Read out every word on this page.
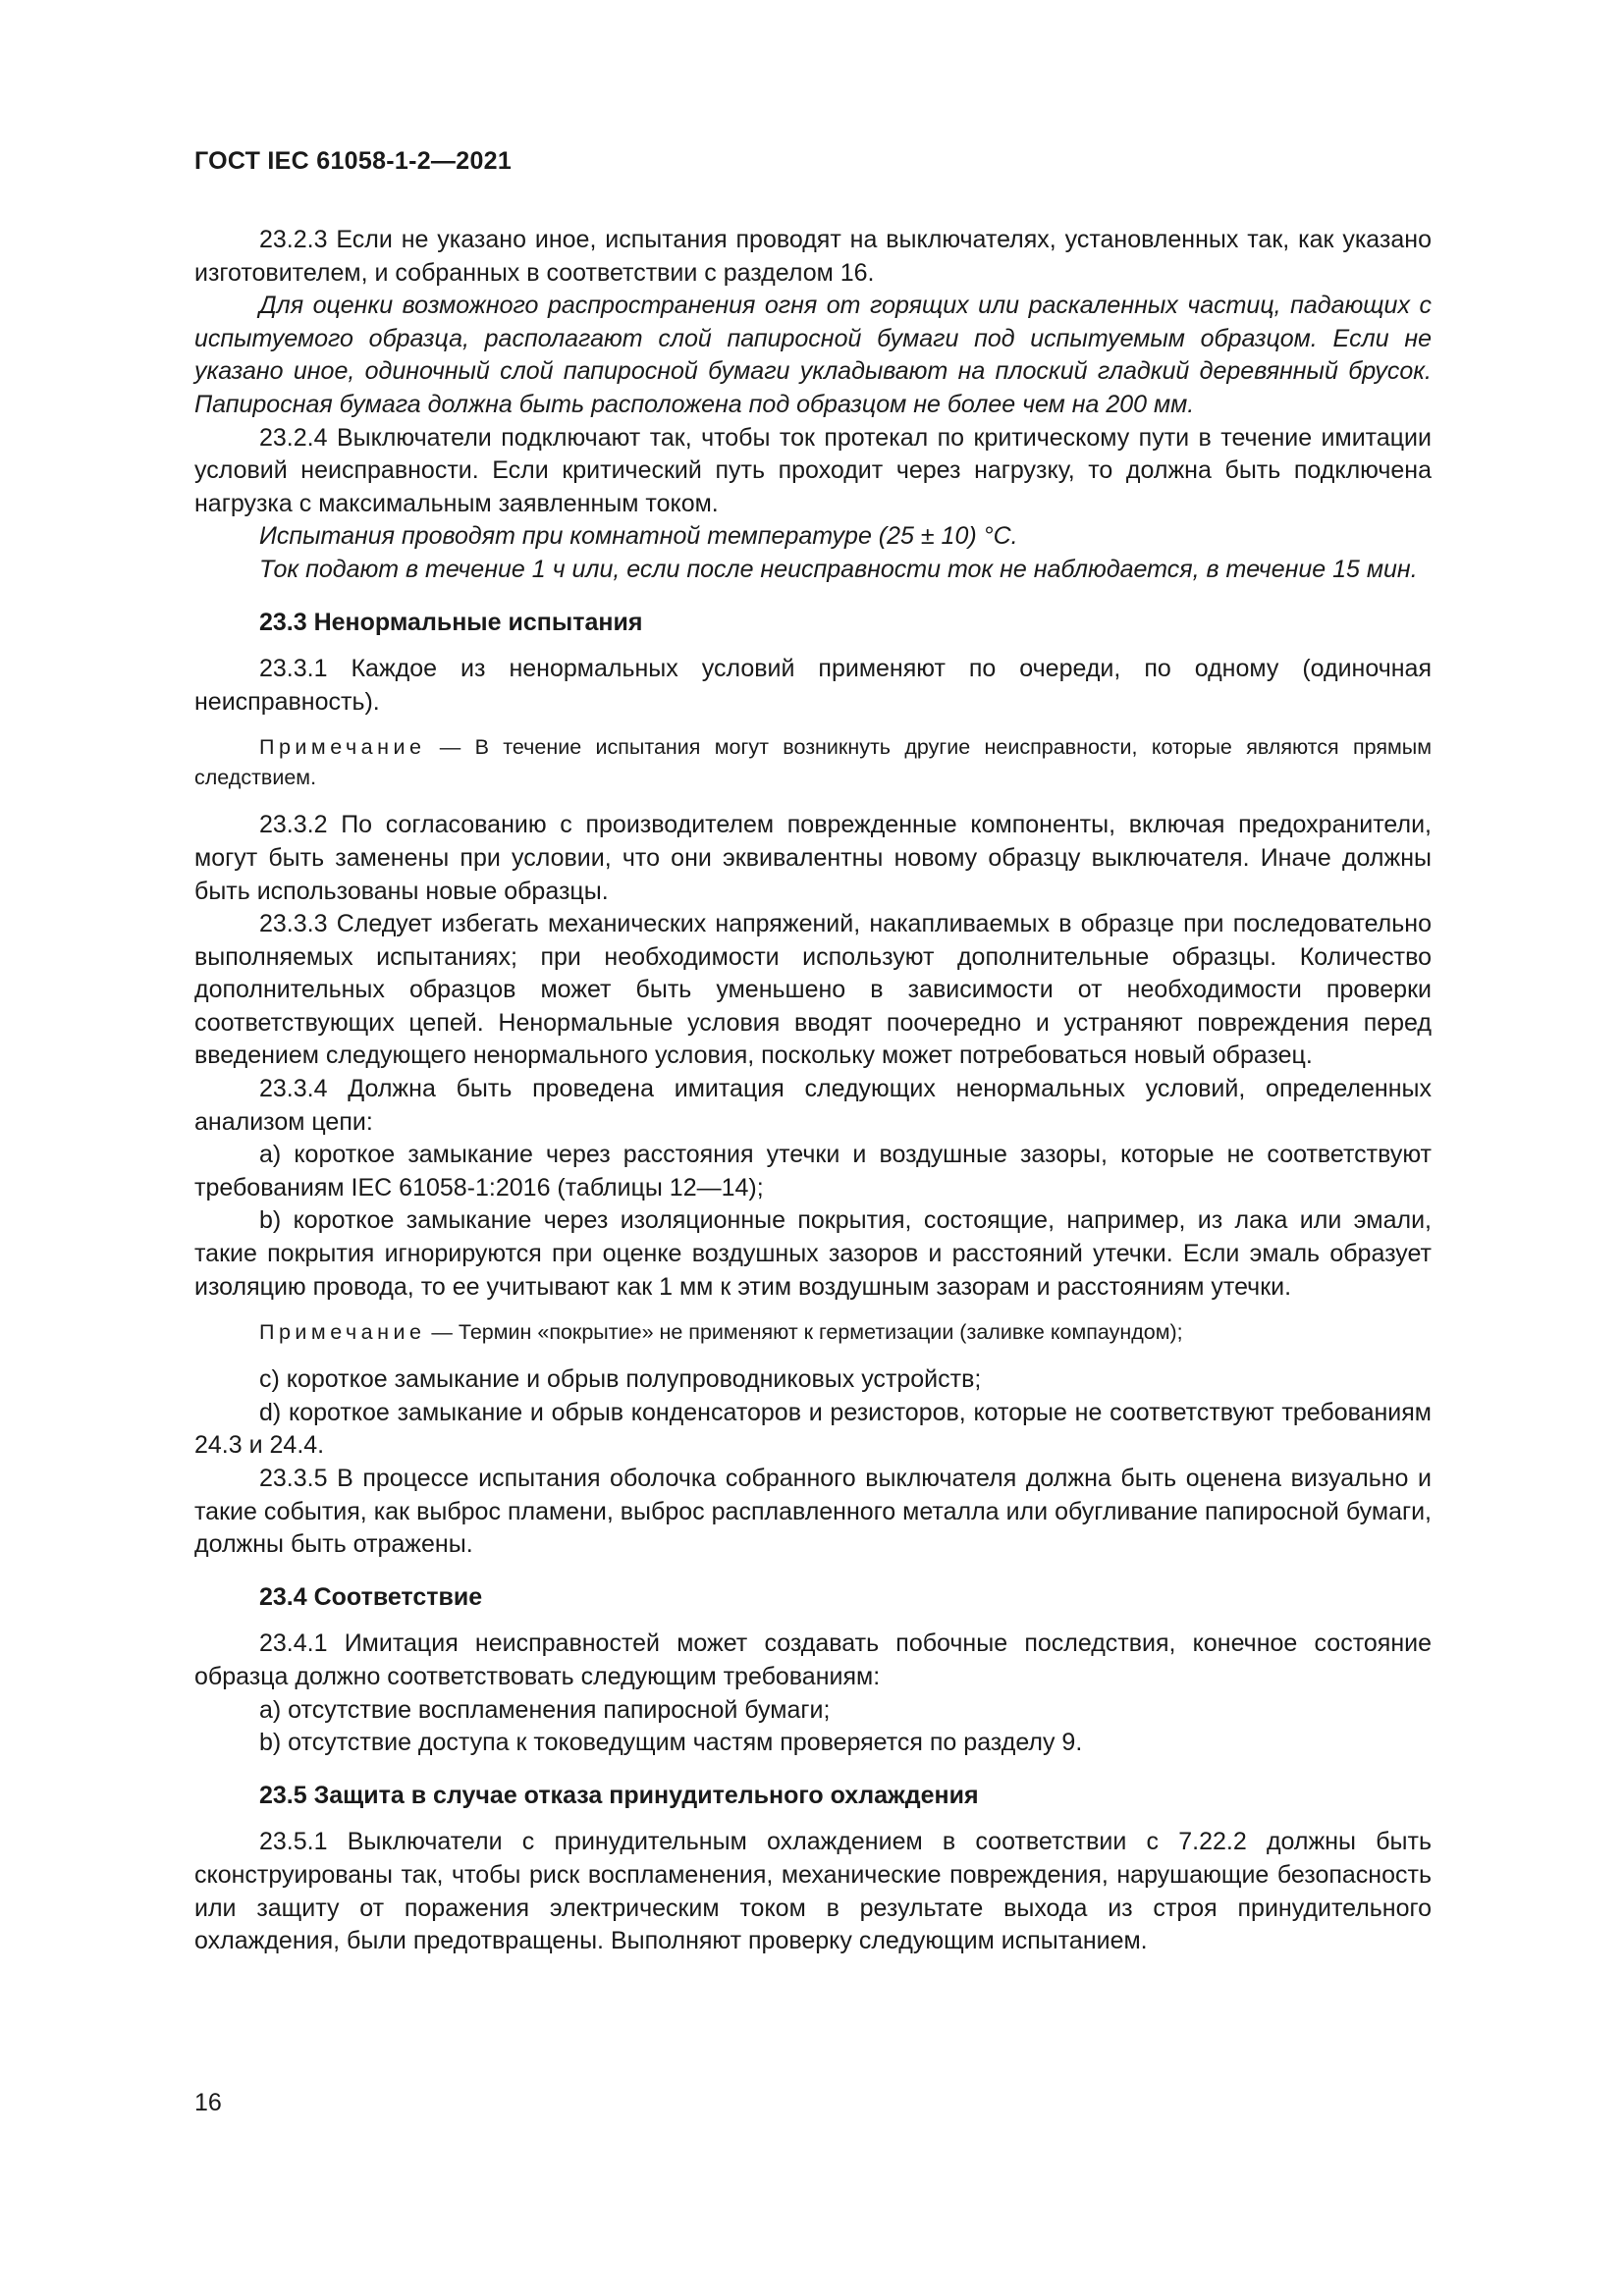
ГОСТ IEC 61058-1-2—2021

23.2.3 Если не указано иное, испытания проводят на выключателях, установленных так, как указано изготовителем, и собранных в соответствии с разделом 16.

Для оценки возможного распространения огня от горящих или раскаленных частиц, падающих с испытуемого образца, располагают слой папиросной бумаги под испытуемым образцом. Если не указано иное, одиночный слой папиросной бумаги укладывают на плоский гладкий деревянный брусок. Папиросная бумага должна быть расположена под образцом не более чем на 200 мм.

23.2.4 Выключатели подключают так, чтобы ток протекал по критическому пути в течение имитации условий неисправности. Если критический путь проходит через нагрузку, то должна быть подключена нагрузка с максимальным заявленным током.

Испытания проводят при комнатной температуре (25 ± 10) °С.

Ток подают в течение 1 ч или, если после неисправности ток не наблюдается, в течение 15 мин.

23.3 Ненормальные испытания

23.3.1 Каждое из ненормальных условий применяют по очереди, по одному (одиночная неисправность).

Примечание — В течение испытания могут возникнуть другие неисправности, которые являются прямым следствием.

23.3.2 По согласованию с производителем поврежденные компоненты, включая предохранители, могут быть заменены при условии, что они эквивалентны новому образцу выключателя. Иначе должны быть использованы новые образцы.

23.3.3 Следует избегать механических напряжений, накапливаемых в образце при последовательно выполняемых испытаниях; при необходимости используют дополнительные образцы. Количество дополнительных образцов может быть уменьшено в зависимости от необходимости проверки соответствующих цепей. Ненормальные условия вводят поочередно и устраняют повреждения перед введением следующего ненормального условия, поскольку может потребоваться новый образец.

23.3.4 Должна быть проведена имитация следующих ненормальных условий, определенных анализом цепи:

a) короткое замыкание через расстояния утечки и воздушные зазоры, которые не соответствуют требованиям IEC 61058-1:2016 (таблицы 12—14);

b) короткое замыкание через изоляционные покрытия, состоящие, например, из лака или эмали, такие покрытия игнорируются при оценке воздушных зазоров и расстояний утечки. Если эмаль образует изоляцию провода, то ее учитывают как 1 мм к этим воздушным зазорам и расстояниям утечки.

Примечание — Термин «покрытие» не применяют к герметизации (заливке компаундом);

c) короткое замыкание и обрыв полупроводниковых устройств;

d) короткое замыкание и обрыв конденсаторов и резисторов, которые не соответствуют требованиям 24.3 и 24.4.

23.3.5 В процессе испытания оболочка собранного выключателя должна быть оценена визуально и такие события, как выброс пламени, выброс расплавленного металла или обугливание папиросной бумаги, должны быть отражены.

23.4 Соответствие

23.4.1 Имитация неисправностей может создавать побочные последствия, конечное состояние образца должно соответствовать следующим требованиям:

a) отсутствие воспламенения папиросной бумаги;

b) отсутствие доступа к токоведущим частям проверяется по разделу 9.

23.5 Защита в случае отказа принудительного охлаждения

23.5.1 Выключатели с принудительным охлаждением в соответствии с 7.22.2 должны быть сконструированы так, чтобы риск воспламенения, механические повреждения, нарушающие безопасность или защиту от поражения электрическим током в результате выхода из строя принудительного охлаждения, были предотвращены. Выполняют проверку следующим испытанием.

16
